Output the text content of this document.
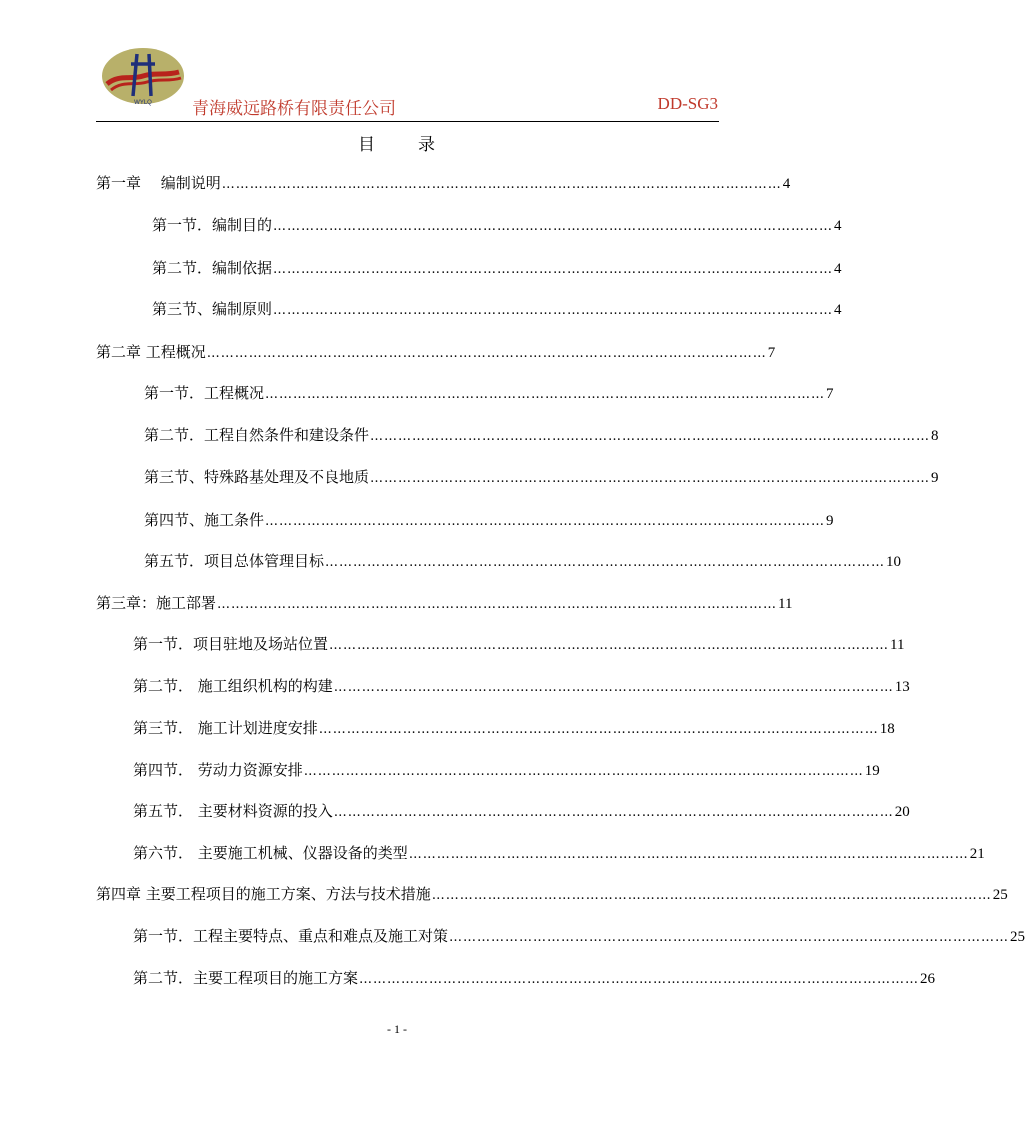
WYLQ 青海威远路桥有限责任公司	DD-SG3
目 录
第一章　 编制说明 ………………………………………………………………………………………………………… 4
第一节．编制目的 ………………………………………………………………………………………………………… 4
第二节．编制依据 ………………………………………………………………………………………………………… 4
第三节、编制原则 ………………………………………………………………………………………………………… 4
第二章 工程概况 ………………………………………………………………………………………………………… 7
第一节．工程概况 ………………………………………………………………………………………………………… 7
第二节．工程自然条件和建设条件 ………………………………………………………………………………………………………… 8
第三节、特殊路基处理及不良地质 ………………………………………………………………………………………………………… 9
第四节、施工条件 ………………………………………………………………………………………………………… 9
第五节．项目总体管理目标 ………………………………………………………………………………………………………… 10
第三章：施工部署 ………………………………………………………………………………………………………… 11
第一节．项目驻地及场站位置 ………………………………………………………………………………………………………… 11
第二节． 施工组织机构的构建 ………………………………………………………………………………………………………… 13
第三节． 施工计划进度安排 ………………………………………………………………………………………………………… 18
第四节． 劳动力资源安排 ………………………………………………………………………………………………………… 19
第五节． 主要材料资源的投入 ………………………………………………………………………………………………………… 20
第六节． 主要施工机械、仪器设备的类型 ………………………………………………………………………………………………………… 21
第四章 主要工程项目的施工方案、方法与技术措施 ………………………………………………………………………………………………………… 25
第一节．工程主要特点、重点和难点及施工对策 ………………………………………………………………………………………………………… 25
第二节．主要工程项目的施工方案 ………………………………………………………………………………………………………… 26
- 1 -
